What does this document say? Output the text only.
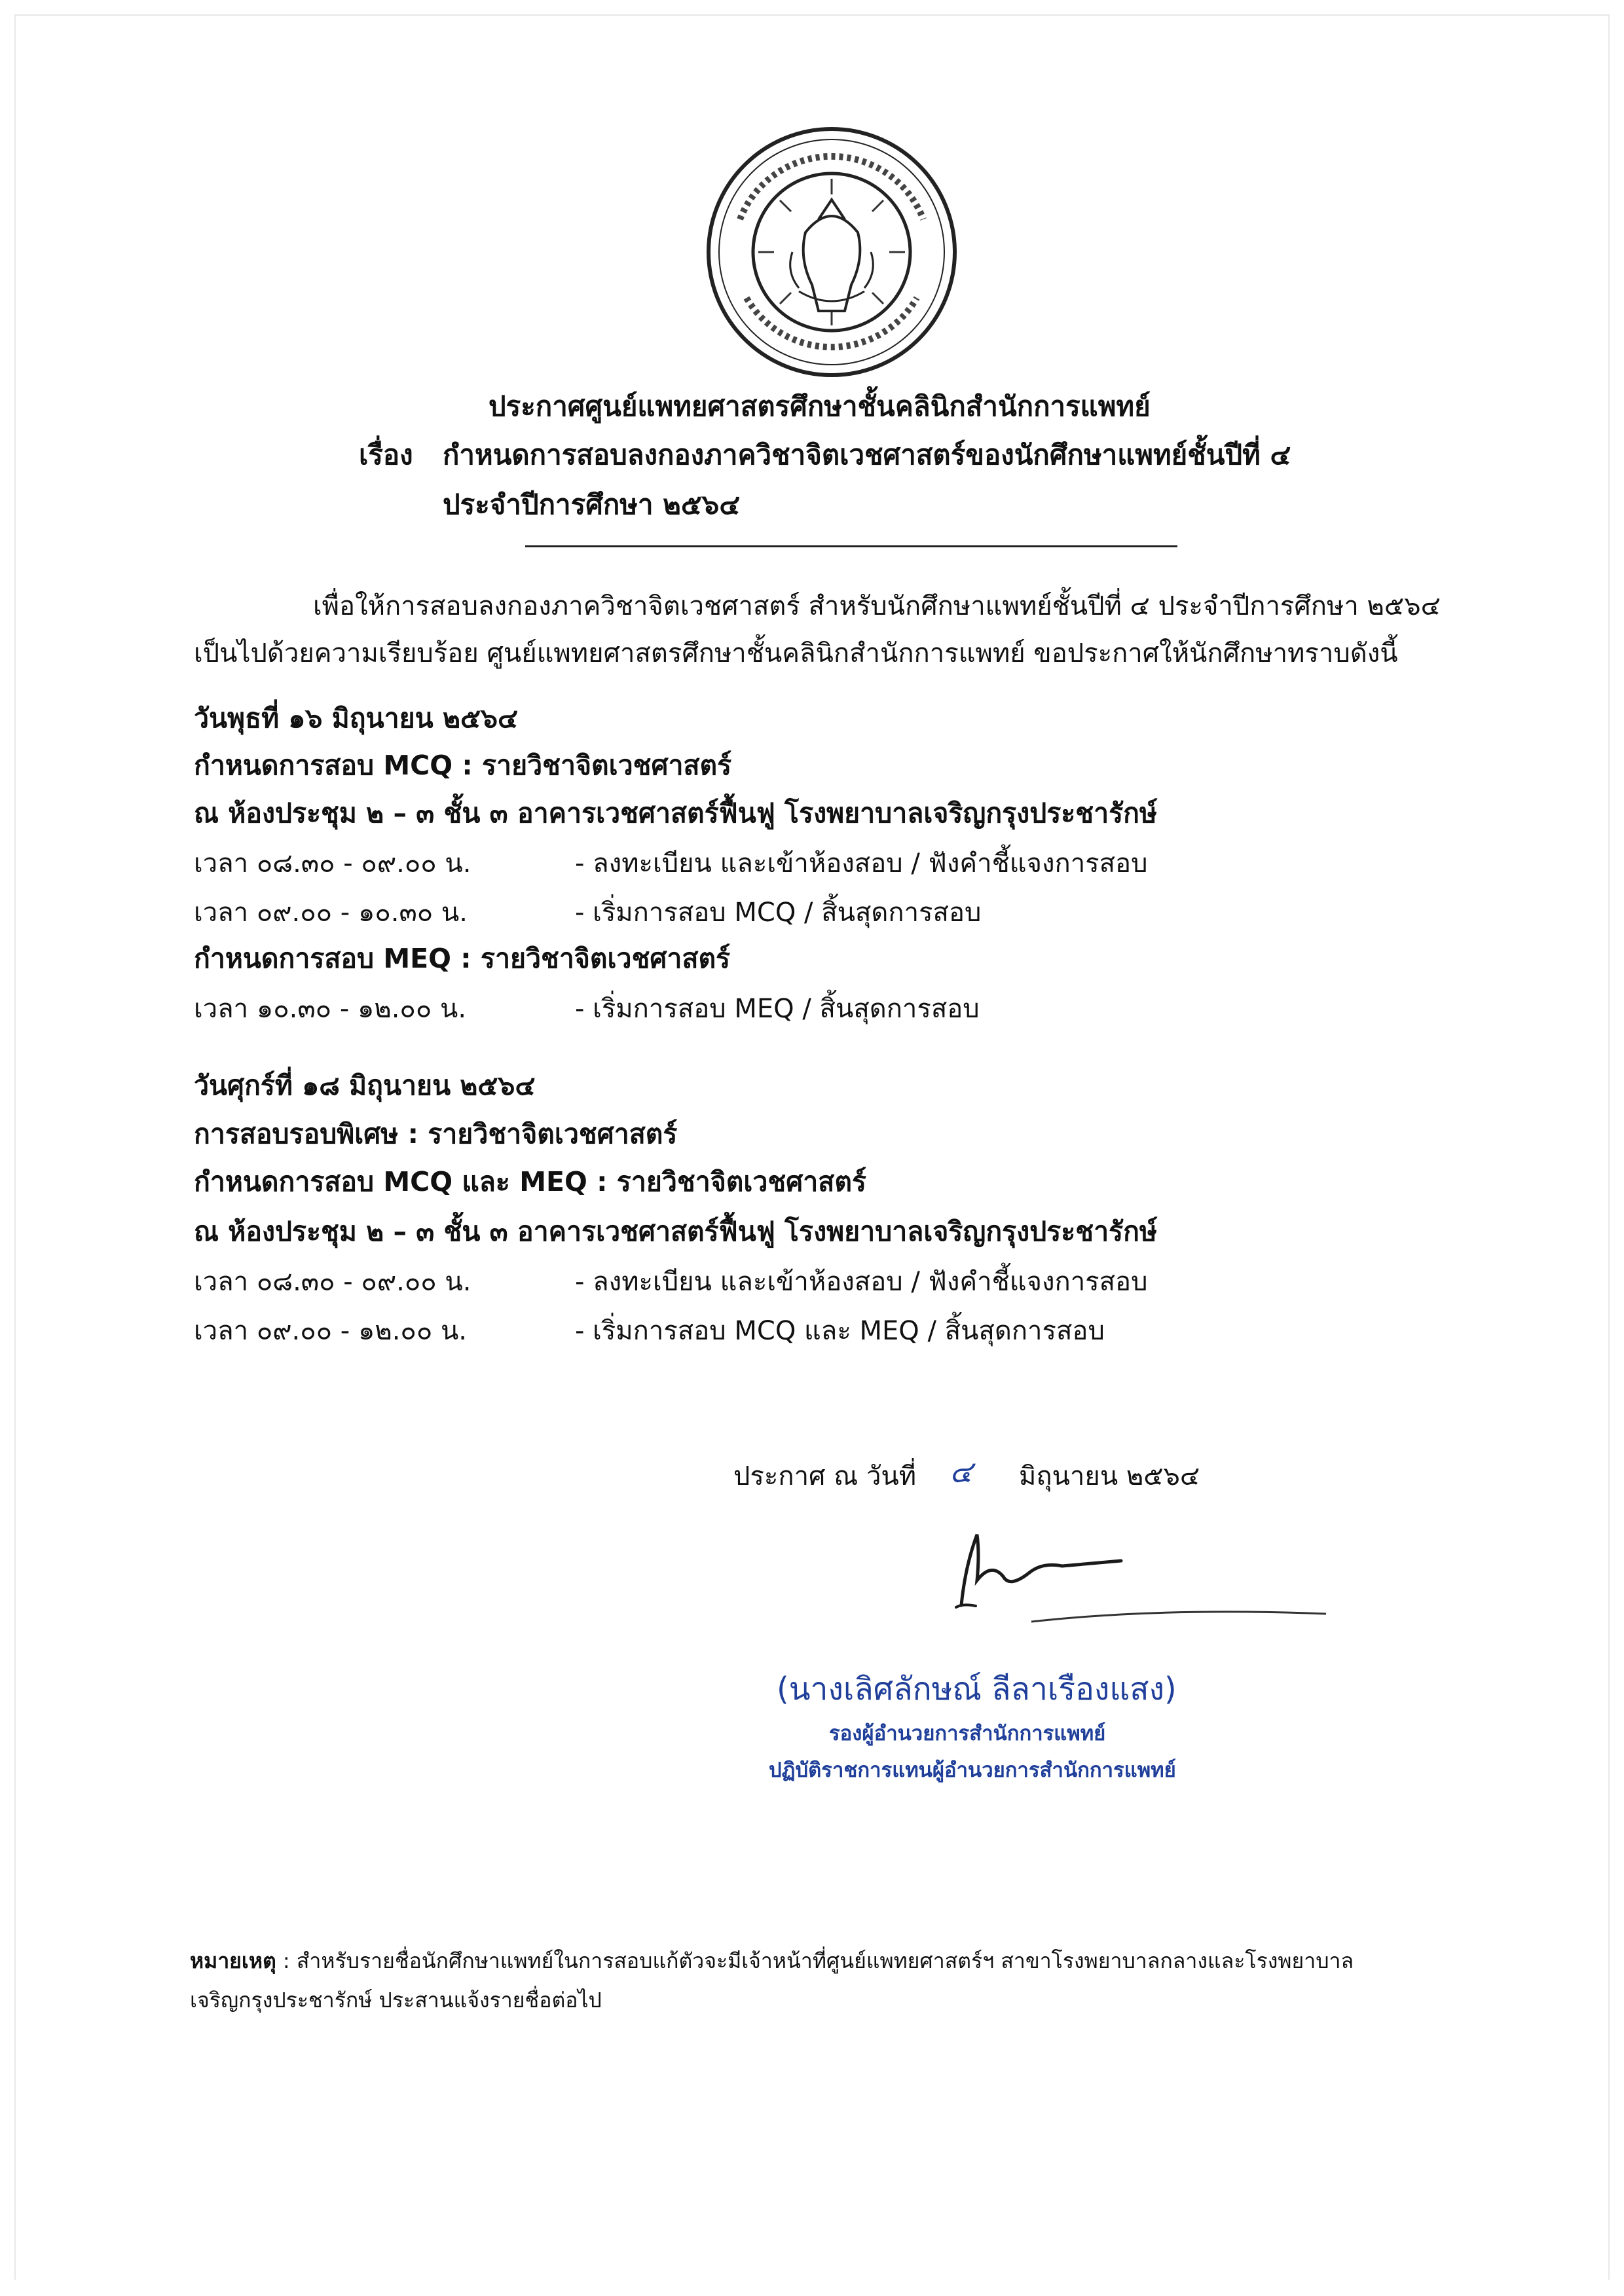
ประกาศศูนย์แพทยศาสตรศึกษาชั้นคลินิกสำนักการแพทย์
เรื่อง กำหนดการสอบลงกองภาควิชาจิตเวชศาสตร์ของนักศึกษาแพทย์ชั้นปีที่ ๔
ประจำปีการศึกษา ๒๕๖๔
เพื่อให้การสอบลงกองภาควิชาจิตเวชศาสตร์ สำหรับนักศึกษาแพทย์ชั้นปีที่ ๔ ประจำปีการศึกษา ๒๕๖๔
เป็นไปด้วยความเรียบร้อย ศูนย์แพทยศาสตรศึกษาชั้นคลินิกสำนักการแพทย์ ขอประกาศให้นักศึกษาทราบดังนี้
วันพุธที่ ๑๖ มิถุนายน ๒๕๖๔
กำหนดการสอบ MCQ : รายวิชาจิตเวชศาสตร์
ณ ห้องประชุม ๒ – ๓ ชั้น ๓ อาคารเวชศาสตร์ฟื้นฟู โรงพยาบาลเจริญกรุงประชารักษ์
เวลา ๐๘.๓๐ - ๐๙.๐๐ น.	- ลงทะเบียน และเข้าห้องสอบ / ฟังคำชี้แจงการสอบ
เวลา ๐๙.๐๐ - ๑๐.๓๐ น.	- เริ่มการสอบ MCQ / สิ้นสุดการสอบ
กำหนดการสอบ MEQ : รายวิชาจิตเวชศาสตร์
เวลา ๑๐.๓๐ - ๑๒.๐๐ น.	- เริ่มการสอบ MEQ / สิ้นสุดการสอบ
วันศุกร์ที่ ๑๘ มิถุนายน ๒๕๖๔
การสอบรอบพิเศษ : รายวิชาจิตเวชศาสตร์
กำหนดการสอบ MCQ และ MEQ : รายวิชาจิตเวชศาสตร์
ณ ห้องประชุม ๒ – ๓ ชั้น ๓ อาคารเวชศาสตร์ฟื้นฟู โรงพยาบาลเจริญกรุงประชารักษ์
เวลา ๐๘.๓๐ - ๐๙.๐๐ น.	- ลงทะเบียน และเข้าห้องสอบ / ฟังคำชี้แจงการสอบ
เวลา ๐๙.๐๐ - ๑๒.๐๐ น.	- เริ่มการสอบ MCQ และ MEQ / สิ้นสุดการสอบ
ประกาศ ณ วันที่ ๔ มิถุนายน ๒๕๖๔
(นางเลิศลักษณ์ ลีลาเรืองแสง)
รองผู้อำนวยการสำนักการแพทย์
ปฏิบัติราชการแทนผู้อำนวยการสำนักการแพทย์
หมายเหตุ : สำหรับรายชื่อนักศึกษาแพทย์ในการสอบแก้ตัวจะมีเจ้าหน้าที่ศูนย์แพทยศาสตร์ฯ สาขาโรงพยาบาลกลางและโรงพยาบาล
เจริญกรุงประชารักษ์ ประสานแจ้งรายชื่อต่อไป
